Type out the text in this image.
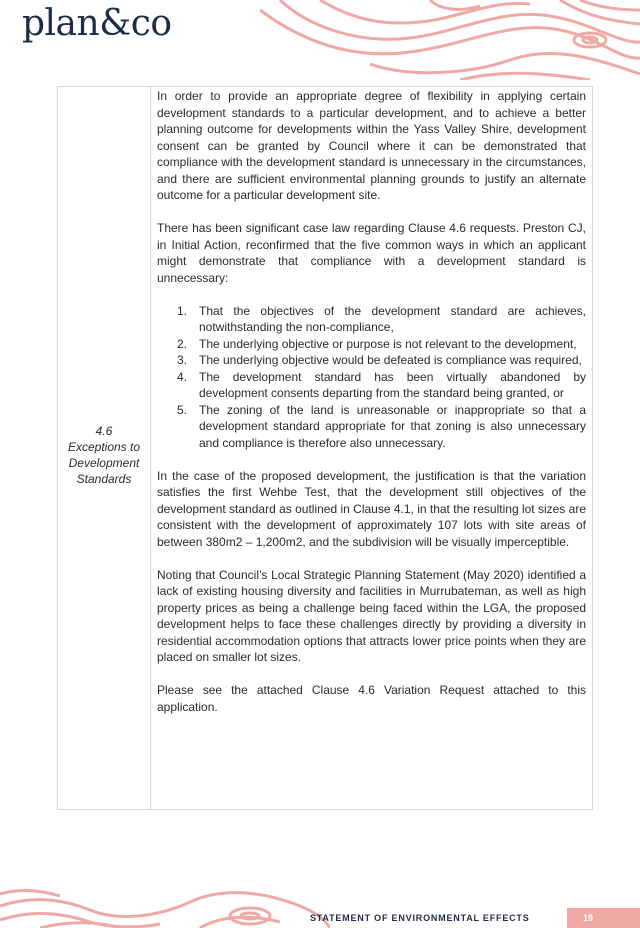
plan&co
4.6
Exceptions to
Development
Standards

In order to provide an appropriate degree of flexibility in applying certain development standards to a particular development, and to achieve a better planning outcome for developments within the Yass Valley Shire, development consent can be granted by Council where it can be demonstrated that compliance with the development standard is unnecessary in the circumstances, and there are sufficient environmental planning grounds to justify an alternate outcome for a particular development site.

There has been significant case law regarding Clause 4.6 requests. Preston CJ, in Initial Action, reconfirmed that the five common ways in which an applicant might demonstrate that compliance with a development standard is unnecessary:

1. That the objectives of the development standard are achieves, notwithstanding the non-compliance,
2. The underlying objective or purpose is not relevant to the development,
3. The underlying objective would be defeated is compliance was required,
4. The development standard has been virtually abandoned by development consents departing from the standard being granted, or
5. The zoning of the land is unreasonable or inappropriate so that a development standard appropriate for that zoning is also unnecessary and compliance is therefore also unnecessary.

In the case of the proposed development, the justification is that the variation satisfies the first Wehbe Test, that the development still objectives of the development standard as outlined in Clause 4.1, in that the resulting lot sizes are consistent with the development of approximately 107 lots with site areas of between 380m2 – 1,200m2, and the subdivision will be visually imperceptible.

Noting that Council’s Local Strategic Planning Statement (May 2020) identified a lack of existing housing diversity and facilities in Murrubateman, as well as high property prices as being a challenge being faced within the LGA, the proposed development helps to face these challenges directly by providing a diversity in residential accommodation options that attracts lower price points when they are placed on smaller lot sizes.

Please see the attached Clause 4.6 Variation Request attached to this application.

STATEMENT OF ENVIRONMENTAL EFFECTS	19
